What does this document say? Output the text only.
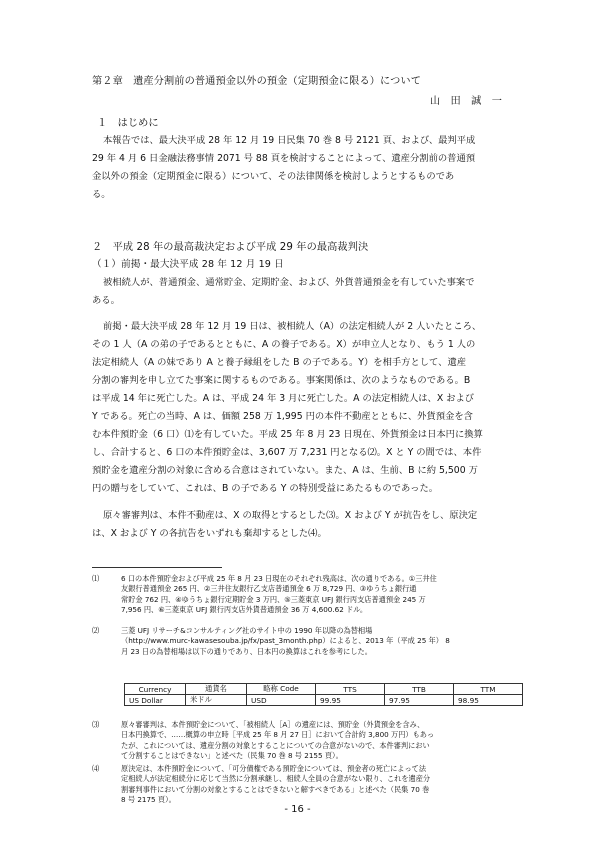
第２章　遺産分割前の普通預金以外の預金（定期預金に限る）について
山　田　誠　一
１　はじめに
本報告では、最大決平成 28 年 12 月 19 日民集 70 巻 8 号 2121 頁、および、最判平成
29 年 4 月 6 日金融法務事情 2071 号 88 頁を検討することによって、遺産分割前の普通預
金以外の預金（定期預金に限る）について、その法律関係を検討しようとするものであ
る。
２　平成 28 年の最高裁決定および平成 29 年の最高裁判決
（１）前掲・最大決平成 28 年 12 月 19 日
被相続人が、普通預金、通常貯金、定期貯金、および、外貨普通預金を有していた事案で
ある。
前掲・最大決平成 28 年 12 月 19 日は、被相続人（A）の法定相続人が 2 人いたところ、
その 1 人（A の弟の子であるとともに、A の養子である。X）が申立人となり、もう 1 人の
法定相続人（A の妹であり A と養子縁組をした B の子である。Y）を相手方として、遺産
分割の審判を申し立てた事案に関するものである。事案関係は、次のようなものである。B
は平成 14 年に死亡した。A は、平成 24 年 3 月に死亡した。A の法定相続人は、X および
Y である。死亡の当時、A は、価額 258 万 1,995 円の本件不動産とともに、外貨預金を含
む本件預貯金（6 口）⑴を有していた。平成 25 年 8 月 23 日現在、外貨預金は日本円に換算
し、合計すると、6 口の本件預貯金は、3,607 万 7,231 円となる⑵。X と Y の間では、本件
預貯金を遺産分割の対象に含める合意はされていない。また、A は、生前、B に約 5,500 万
円の贈与をしていて、これは、B の子である Y の特別受益にあたるものであった。
原々審審判は、本件不動産は、X の取得とするとした⑶。X および Y が抗告をし、原決定
は、X および Y の各抗告をいずれも棄却するとした⑷。
⑴	6 口の本件預貯金および平成 25 年 8 月 23 日現在のそれぞれ残高は、次の通りである。①三井住
友銀行普通預金 265 円、②三井住友銀行乙支店普通預金 6 万 8,729 円、③ゆうちょ銀行通
常貯金 762 円、④ゆうちょ銀行定期貯金 3 万円、⑤三菱東京 UFJ 銀行丙支店普通預金 245 万
7,956 円、⑥三菱東京 UFJ 銀行丙支店外貨普通預金 36 万 4,600.62 ドル。
⑵	三菱 UFJ リサーチ&コンサルティング社のサイト中の 1990 年以降の為替相場
（http://www.murc-kawasesouba.jp/fx/past_3month.php）によると、2013 年（平成 25 年） 8
月 23 日の為替相場は以下の通りであり、日本円の換算はこれを参考にした。
Currency	通貨名	略称 Code	TTS	TTB	TTM
US Dollar	米ドル	USD	99.95	97.95	98.95
⑶	原々審審判は、本件預貯金について、「被相続人［A］の遺産には、預貯金（外貨預金を含み、
日本円換算で、……概算の申立時［平成 25 年 8 月 27 日］において合計約 3,800 万円）もあっ
たが、これについては、遺産分割の対象とすることについての合意がないので、本件審判におい
て分割することはできない」と述べた（民集 70 巻 8 号 2155 頁）。
⑷	原決定は、本件預貯金について、「可分債権である預貯金については、預金者の死亡によって法
定相続人が法定相続分に応じて当然に分割承継し、相続人全員の合意がない限り、これを遺産分
割審判事件において分割の対象とすることはできないと解すべきである」と述べた（民集 70 巻
8 号 2175 頁）。
- 16 -
